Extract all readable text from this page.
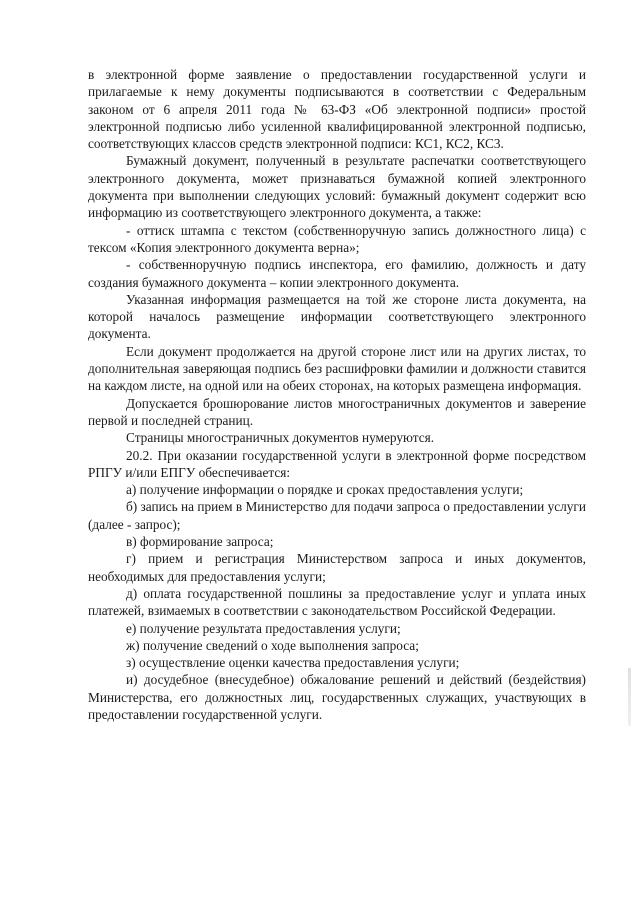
в электронной форме заявление о предоставлении государственной услуги и прилагаемые к нему документы подписываются в соответствии с Федеральным законом от 6 апреля 2011 года № 63-ФЗ «Об электронной подписи» простой электронной подписью либо усиленной квалифицированной электронной подписью, соответствующих классов средств электронной подписи: КС1, КС2, КС3.

Бумажный документ, полученный в результате распечатки соответствующего электронного документа, может признаваться бумажной копией электронного документа при выполнении следующих условий: бумажный документ содержит всю информацию из соответствующего электронного документа, а также:

- оттиск штампа с текстом (собственноручную запись должностного лица) с тексом «Копия электронного документа верна»;

- собственноручную подпись инспектора, его фамилию, должность и дату создания бумажного документа – копии электронного документа.

Указанная информация размещается на той же стороне листа документа, на которой началось размещение информации соответствующего электронного документа.

Если документ продолжается на другой стороне лист или на других листах, то дополнительная заверяющая подпись без расшифровки фамилии и должности ставится на каждом листе, на одной или на обеих сторонах, на которых размещена информация.

Допускается брошюрование листов многостраничных документов и заверение первой и последней страниц.

Страницы многостраничных документов нумеруются.

20.2. При оказании государственной услуги в электронной форме посредством РПГУ и/или ЕПГУ обеспечивается:

а) получение информации о порядке и сроках предоставления услуги;

б) запись на прием в Министерство для подачи запроса о предоставлении услуги (далее - запрос);

в) формирование запроса;

г) прием и регистрация Министерством запроса и иных документов, необходимых для предоставления услуги;

д) оплата государственной пошлины за предоставление услуг и уплата иных платежей, взимаемых в соответствии с законодательством Российской Федерации.

е) получение результата предоставления услуги;

ж) получение сведений о ходе выполнения запроса;

з) осуществление оценки качества предоставления услуги;

и) досудебное (внесудебное) обжалование решений и действий (бездействия) Министерства, его должностных лиц, государственных служащих, участвующих в предоставлении государственной услуги.
